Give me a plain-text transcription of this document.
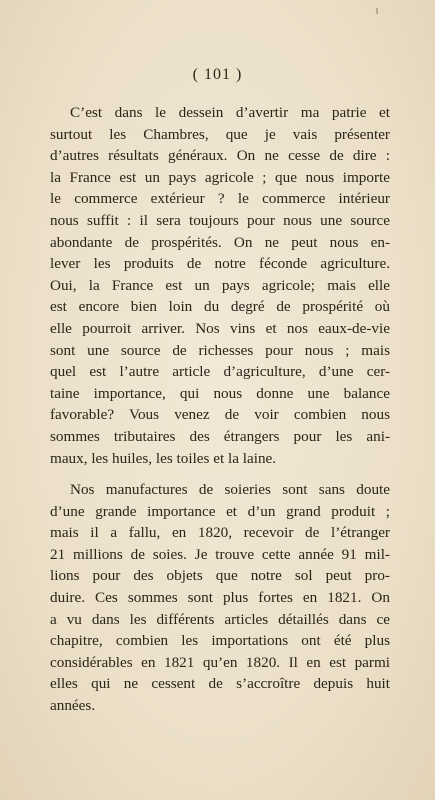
( 101 )

C’est dans le dessein d’avertir ma patrie et
surtout les Chambres, que je vais présenter
d’autres résultats généraux. On ne cesse de dire :
la France est un pays agricole ; que nous importe
le commerce extérieur ? le commerce intérieur
nous suffit : il sera toujours pour nous une source
abondante de prospérités. On ne peut nous en-
lever les produits de notre féconde agriculture.
Oui, la France est un pays agricole; mais elle
est encore bien loin du degré de prospérité où
elle pourroit arriver. Nos vins et nos eaux-de-vie
sont une source de richesses pour nous ; mais
quel est l’autre article d’agriculture, d’une cer-
taine importance, qui nous donne une balance
favorable? Vous venez de voir combien nous
sommes tributaires des étrangers pour les ani-
maux, les huiles, les toiles et la laine.

Nos manufactures de soieries sont sans doute
d’une grande importance et d’un grand produit ;
mais il a fallu, en 1820, recevoir de l’étranger
21 millions de soies. Je trouve cette année 91 mil-
lions pour des objets que notre sol peut pro-
duire. Ces sommes sont plus fortes en 1821. On
a vu dans les différents articles détaillés dans ce
chapitre, combien les importations ont été plus
considérables en 1821 qu’en 1820. Il en est parmi
elles qui ne cessent de s’accroître depuis huit
années.
